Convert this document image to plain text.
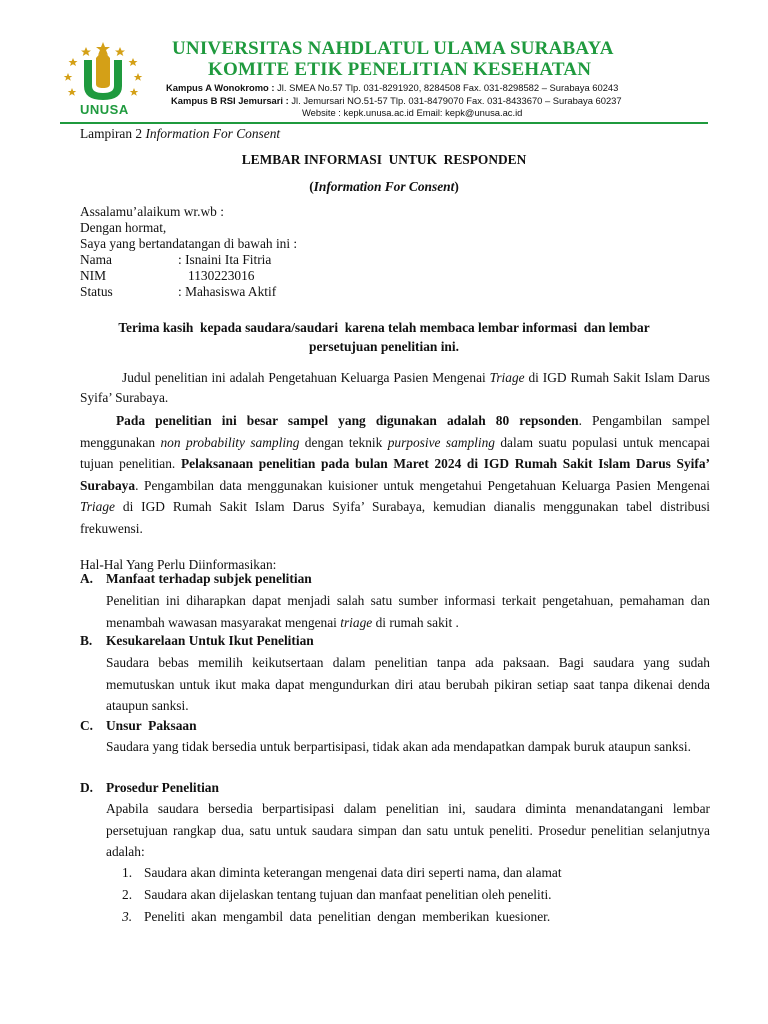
UNUSA
UNIVERSITAS NAHDLATUL ULAMA SURABAYA
KOMITE ETIK PENELITIAN KESEHATAN
Kampus A Wonokromo : Jl. SMEA No.57 Tlp. 031-8291920, 8284508 Fax. 031-8298582 – Surabaya 60243
Kampus B RSI Jemursari : Jl. Jemursari NO.51-57 Tlp. 031-8479070 Fax. 031-8433670 – Surabaya 60237
Website : kepk.unusa.ac.id Email: kepk@unusa.ac.id
Lampiran 2 Information For Consent
LEMBAR INFORMASI  UNTUK  RESPONDEN
(Information For Consent)
Assalamu’alaikum wr.wb :
Dengan hormat,
Saya yang bertandatangan di bawah ini :
Nama	: Isnaini Ita Fitria
NIM	1130223016
Status	: Mahasiswa Aktif
Terima kasih  kepada saudara/saudari  karena telah membaca lembar informasi  dan lembar
persetujuan penelitian ini.
Judul penelitian ini adalah Pengetahuan Keluarga Pasien Mengenai Triage di IGD Rumah Sakit Islam Darus Syifa’ Surabaya.
Pada penelitian ini besar sampel yang digunakan adalah 80 repsonden. Pengambilan sampel menggunakan non probability sampling dengan teknik purposive sampling dalam suatu populasi untuk mencapai tujuan penelitian. Pelaksanaan penelitian pada bulan Maret 2024 di IGD Rumah Sakit Islam Darus Syifa’ Surabaya. Pengambilan data menggunakan kuisioner untuk mengetahui Pengetahuan Keluarga Pasien Mengenai Triage di IGD Rumah Sakit Islam Darus Syifa’ Surabaya, kemudian dianalis menggunakan tabel distribusi frekuwensi.
Hal-Hal Yang Perlu Diinformasikan:
A. Manfaat terhadap subjek penelitian
Penelitian ini diharapkan dapat menjadi salah satu sumber informasi terkait pengetahuan, pemahaman dan menambah wawasan masyarakat mengenai triage di rumah sakit .
B. Kesukarelaan Untuk Ikut Penelitian
Saudara bebas memilih keikutsertaan dalam penelitian tanpa ada paksaan. Bagi saudara yang sudah memutuskan untuk ikut maka dapat mengundurkan diri atau berubah pikiran setiap saat tanpa dikenai denda ataupun sanksi.
C. Unsur  Paksaan
Saudara yang tidak bersedia untuk berpartisipasi, tidak akan ada mendapatkan dampak buruk ataupun sanksi.
D. Prosedur Penelitian
Apabila saudara bersedia berpartisipasi dalam penelitian ini, saudara diminta menandatangani lembar persetujuan rangkap dua, satu untuk saudara simpan dan satu untuk peneliti. Prosedur penelitian selanjutnya adalah:
1. Saudara akan diminta keterangan mengenai data diri seperti nama, dan alamat
2. Saudara akan dijelaskan tentang tujuan dan manfaat penelitian oleh peneliti.
3. Peneliti akan mengambil data penelitian dengan memberikan kuesioner.
